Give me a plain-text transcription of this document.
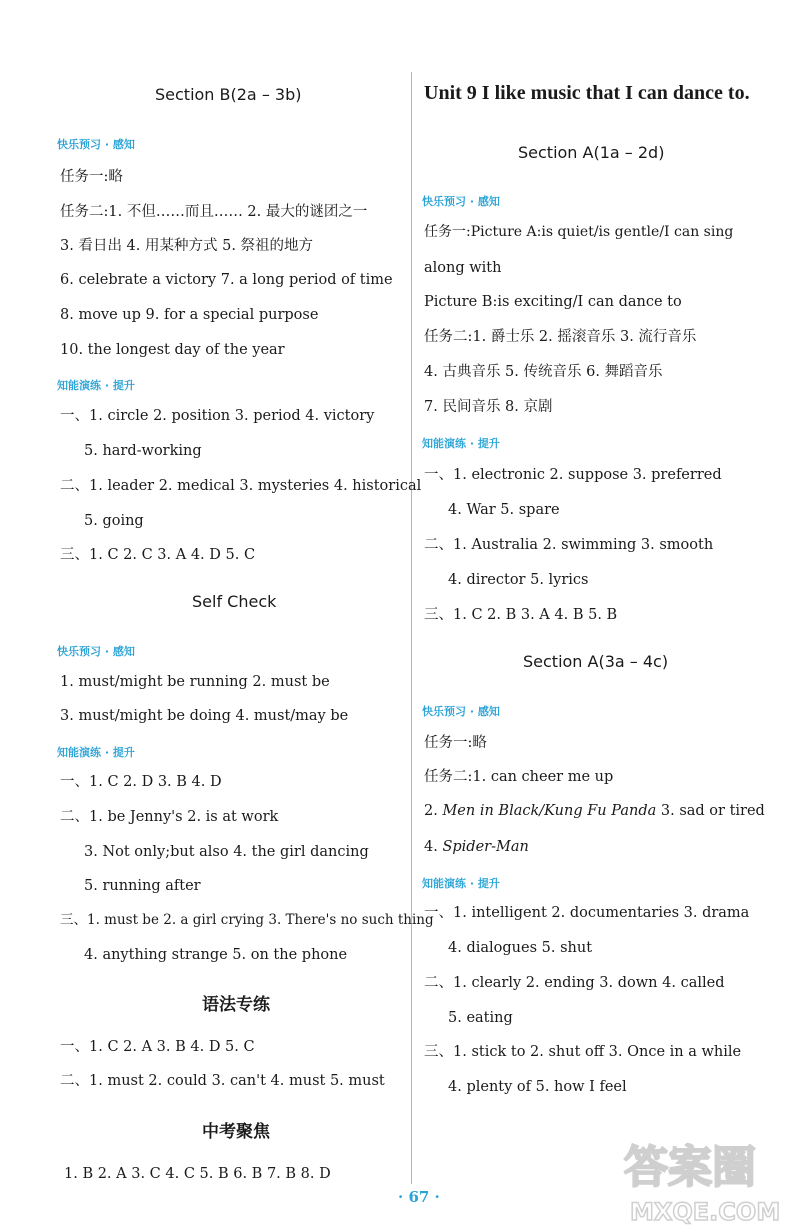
Section B(2a – 3b)
快乐预习 · 感知
任务一:略
任务二:1. 不但……而且…… 2. 最大的谜团之一
3. 看日出 4. 用某种方式 5. 祭祖的地方
6. celebrate a victory 7. a long period of time
8. move up 9. for a special purpose
10. the longest day of the year
知能演练 · 提升
一、1. circle 2. position 3. period 4. victory
5. hard-working
二、1. leader 2. medical 3. mysteries 4. historical
5. going
三、1. C 2. C 3. A 4. D 5. C
Self Check
快乐预习 · 感知
1. must/might be running 2. must be
3. must/might be doing 4. must/may be
知能演练 · 提升
一、1. C 2. D 3. B 4. D
二、1. be Jenny's 2. is at work
3. Not only;but also 4. the girl dancing
5. running after
三、1. must be 2. a girl crying 3. There's no such thing
4. anything strange 5. on the phone
语法专练
一、1. C 2. A 3. B 4. D 5. C
二、1. must 2. could 3. can't 4. must 5. must
中考聚焦
1. B 2. A 3. C 4. C 5. B 6. B 7. B 8. D
Unit 9 I like music that I can dance to.
Section A(1a – 2d)
快乐预习 · 感知
任务一:Picture A:is quiet/is gentle/I can sing
along with
Picture B:is exciting/I can dance to
任务二:1. 爵士乐 2. 摇滚音乐 3. 流行音乐
4. 古典音乐 5. 传统音乐 6. 舞蹈音乐
7. 民间音乐 8. 京剧
知能演练 · 提升
一、1. electronic 2. suppose 3. preferred
4. War 5. spare
二、1. Australia 2. swimming 3. smooth
4. director 5. lyrics
三、1. C 2. B 3. A 4. B 5. B
Section A(3a – 4c)
快乐预习 · 感知
任务一:略
任务二:1. can cheer me up
2. Men in Black/Kung Fu Panda 3. sad or tired
4. Spider-Man
知能演练 · 提升
一、1. intelligent 2. documentaries 3. drama
4. dialogues 5. shut
二、1. clearly 2. ending 3. down 4. called
5. eating
三、1. stick to 2. shut off 3. Once in a while
4. plenty of 5. how I feel
· 67 ·
答案圈
MXQE.COM
